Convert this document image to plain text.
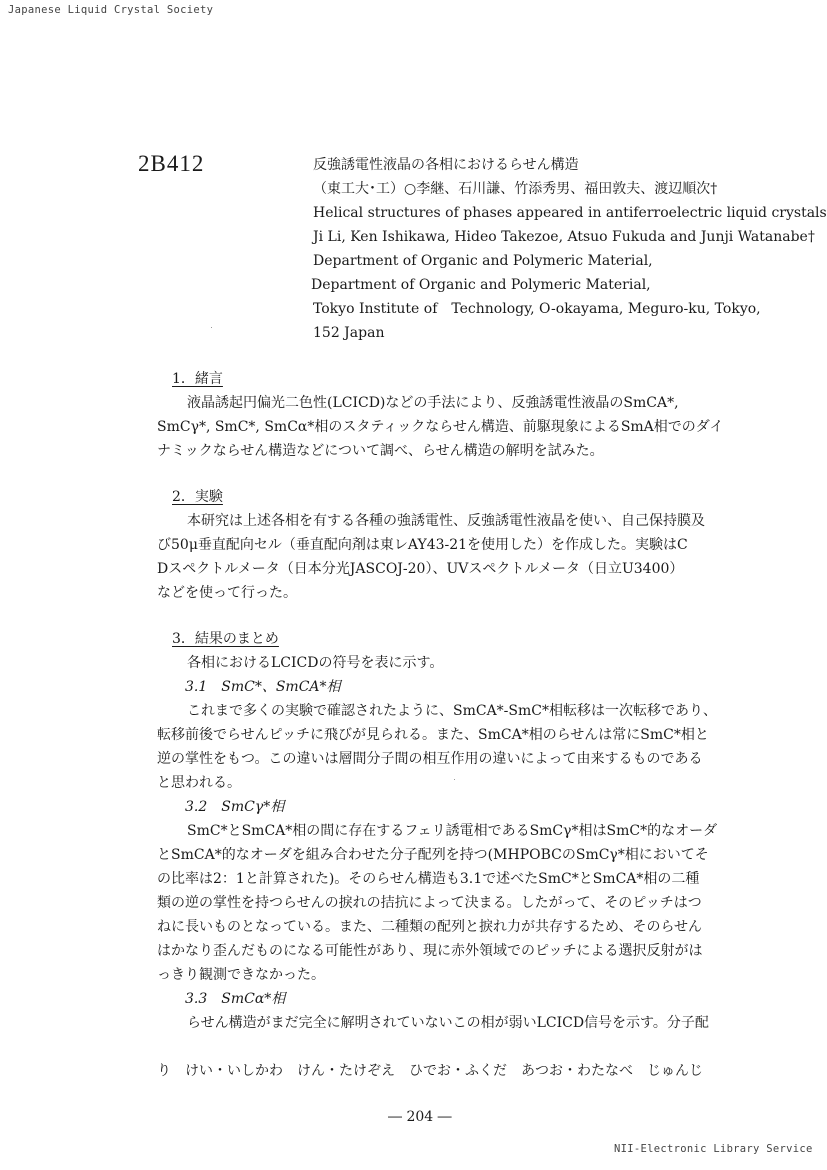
Japanese Liquid Crystal Society
NII-Electronic Library Service
2B412	反強誘電性液晶の各相におけるらせん構造
（東工大･工）○李継、石川謙、竹添秀男、福田敦夫、渡辺順次†
Helical structures of phases appeared in antiferroelectric liquid crystals
Ji Li, Ken Ishikawa, Hideo Takezoe, Atsuo Fukuda and Junji Watanabe†
Department of Organic and Polymeric Material,
Department of Organic and Polymeric Material,
Tokyo Institute of　Technology, O-okayama, Meguro-ku, Tokyo,
152 Japan
1．緒言
液晶誘起円偏光二色性(LCICD)などの手法により、反強誘電性液晶のSmCA*,
SmCγ*, SmC*, SmCα*相のスタティックならせん構造、前駆現象によるSmA相でのダイ
ナミックならせん構造などについて調べ、らせん構造の解明を試みた。
2．実験
本研究は上述各相を有する各種の強誘電性、反強誘電性液晶を使い、自己保持膜及
び50μ垂直配向セル（垂直配向剤は東レAY43-21を使用した）を作成した。実験はC
Dスペクトルメータ（日本分光JASCOJ-20）、UVスペクトルメータ（日立U3400）
などを使って行った。
3．結果のまとめ
各相におけるLCICDの符号を表に示す。
3.1　SmC*、SmCA*相
これまで多くの実験で確認されたように、SmCA*-SmC*相転移は一次転移であり、
転移前後でらせんピッチに飛びが見られる。また、SmCA*相のらせんは常にSmC*相と
逆の掌性をもつ。この違いは層間分子間の相互作用の違いによって由来するものである
と思われる。
3.2　SmCγ*相
SmC*とSmCA*相の間に存在するフェリ誘電相であるSmCγ*相はSmC*的なオーダ
とSmCA*的なオーダを組み合わせた分子配列を持つ(MHPOBCのSmCγ*相においてそ
の比率は2：1と計算された)。そのらせん構造も3.1で述べたSmC*とSmCA*相の二種
類の逆の掌性を持つらせんの捩れの拮抗によって決まる。したがって、そのピッチはつ
ねに長いものとなっている。また、二種類の配列と捩れ力が共存するため、そのらせん
はかなり歪んだものになる可能性があり、現に赤外領域でのピッチによる選択反射がは
っきり観測できなかった。
3.3　SmCα*相
らせん構造がまだ完全に解明されていないこの相が弱いLCICD信号を示す。分子配
り　けい・いしかわ　けん・たけぞえ　ひでお・ふくだ　あつお・わたなべ　じゅんじ
― 204 ―
